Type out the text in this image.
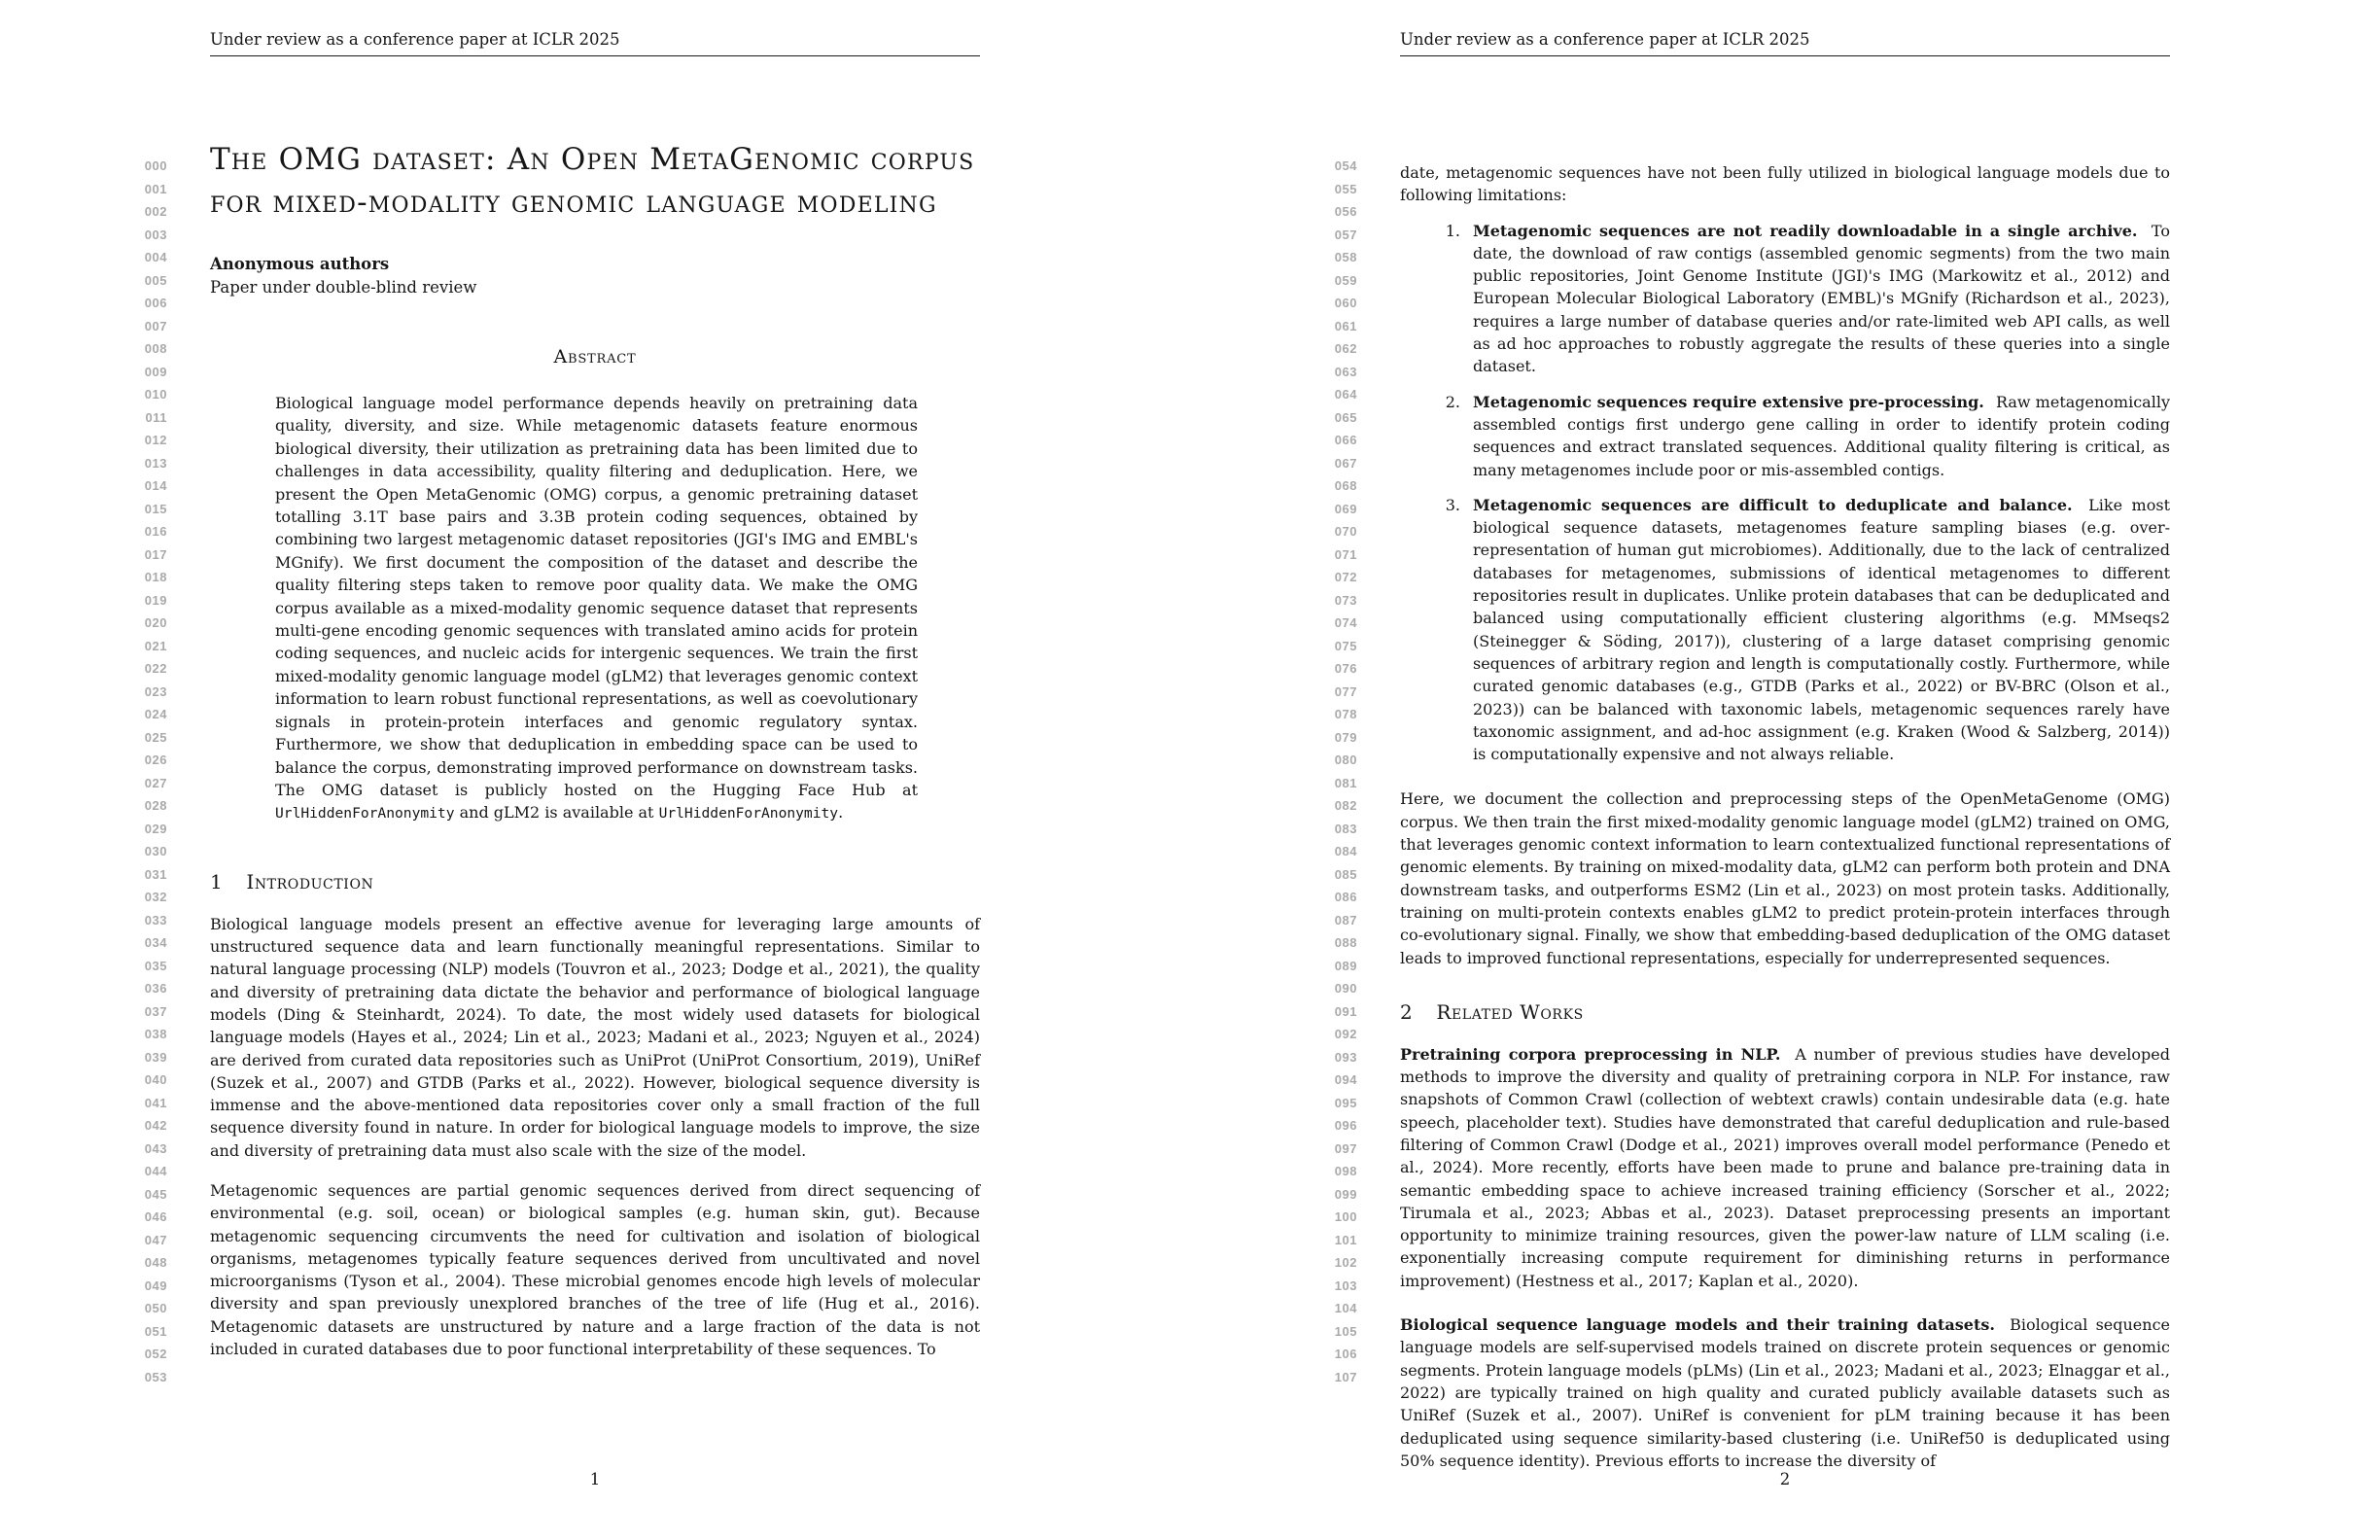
Under review as a conference paper at ICLR 2025
000
001
002
003
004
005
006
007
008
009
010
011
012
013
014
015
016
017
018
019
020
021
022
023
024
025
026
027
028
029
030
031
032
033
034
035
036
037
038
039
040
041
042
043
044
045
046
047
048
049
050
051
052
053
The OMG dataset: An Open MetaGenomic corpus for mixed-modality genomic language modeling
Anonymous authors
Paper under double-blind review
Abstract
Biological language model performance depends heavily on pretraining data quality, diversity, and size. While metagenomic datasets feature enormous biological diversity, their utilization as pretraining data has been limited due to challenges in data accessibility, quality filtering and deduplication. Here, we present the Open MetaGenomic (OMG) corpus, a genomic pretraining dataset totalling 3.1T base pairs and 3.3B protein coding sequences, obtained by combining two largest metagenomic dataset repositories (JGI's IMG and EMBL's MGnify). We first document the composition of the dataset and describe the quality filtering steps taken to remove poor quality data. We make the OMG corpus available as a mixed-modality genomic sequence dataset that represents multi-gene encoding genomic sequences with translated amino acids for protein coding sequences, and nucleic acids for intergenic sequences. We train the first mixed-modality genomic language model (gLM2) that leverages genomic context information to learn robust functional representations, as well as coevolutionary signals in protein-protein interfaces and genomic regulatory syntax. Furthermore, we show that deduplication in embedding space can be used to balance the corpus, demonstrating improved performance on downstream tasks. The OMG dataset is publicly hosted on the Hugging Face Hub at UrlHiddenForAnonymity and gLM2 is available at UrlHiddenForAnonymity.
1 Introduction

Biological language models present an effective avenue for leveraging large amounts of unstructured sequence data and learn functionally meaningful representations. Similar to natural language processing (NLP) models (Touvron et al., 2023; Dodge et al., 2021), the quality and diversity of pretraining data dictate the behavior and performance of biological language models (Ding & Steinhardt, 2024). To date, the most widely used datasets for biological language models (Hayes et al., 2024; Lin et al., 2023; Madani et al., 2023; Nguyen et al., 2024) are derived from curated data repositories such as UniProt (UniProt Consortium, 2019), UniRef (Suzek et al., 2007) and GTDB (Parks et al., 2022). However, biological sequence diversity is immense and the above-mentioned data repositories cover only a small fraction of the full sequence diversity found in nature. In order for biological language models to improve, the size and diversity of pretraining data must also scale with the size of the model.

Metagenomic sequences are partial genomic sequences derived from direct sequencing of environmental (e.g. soil, ocean) or biological samples (e.g. human skin, gut). Because metagenomic sequencing circumvents the need for cultivation and isolation of biological organisms, metagenomes typically feature sequences derived from uncultivated and novel microorganisms (Tyson et al., 2004). These microbial genomes encode high levels of molecular diversity and span previously unexplored branches of the tree of life (Hug et al., 2016). Metagenomic datasets are unstructured by nature and a large fraction of the data is not included in curated databases due to poor functional interpretability of these sequences. To

1
Under review as a conference paper at ICLR 2025
054
055
056
057
058
059
060
061
062
063
064
065
066
067
068
069
070
071
072
073
074
075
076
077
078
079
080
081
082
083
084
085
086
087
088
089
090
091
092
093
094
095
096
097
098
099
100
101
102
103
104
105
106
107

date, metagenomic sequences have not been fully utilized in biological language models due to following limitations:

1. Metagenomic sequences are not readily downloadable in a single archive. To date, the download of raw contigs (assembled genomic segments) from the two main public repositories, Joint Genome Institute (JGI)'s IMG (Markowitz et al., 2012) and European Molecular Biological Laboratory (EMBL)'s MGnify (Richardson et al., 2023), requires a large number of database queries and/or rate-limited web API calls, as well as ad hoc approaches to robustly aggregate the results of these queries into a single dataset.
2. Metagenomic sequences require extensive pre-processing. Raw metagenomically assembled contigs first undergo gene calling in order to identify protein coding sequences and extract translated sequences. Additional quality filtering is critical, as many metagenomes include poor or mis-assembled contigs.
3. Metagenomic sequences are difficult to deduplicate and balance. Like most biological sequence datasets, metagenomes feature sampling biases (e.g. over-representation of human gut microbiomes). Additionally, due to the lack of centralized databases for metagenomes, submissions of identical metagenomes to different repositories result in duplicates. Unlike protein databases that can be deduplicated and balanced using computationally efficient clustering algorithms (e.g. MMseqs2 (Steinegger & Söding, 2017)), clustering of a large dataset comprising genomic sequences of arbitrary region and length is computationally costly. Furthermore, while curated genomic databases (e.g., GTDB (Parks et al., 2022) or BV-BRC (Olson et al., 2023)) can be balanced with taxonomic labels, metagenomic sequences rarely have taxonomic assignment, and ad-hoc assignment (e.g. Kraken (Wood & Salzberg, 2014)) is computationally expensive and not always reliable.

Here, we document the collection and preprocessing steps of the OpenMetaGenome (OMG) corpus. We then train the first mixed-modality genomic language model (gLM2) trained on OMG, that leverages genomic context information to learn contextualized functional representations of genomic elements. By training on mixed-modality data, gLM2 can perform both protein and DNA downstream tasks, and outperforms ESM2 (Lin et al., 2023) on most protein tasks. Additionally, training on multi-protein contexts enables gLM2 to predict protein-protein interfaces through co-evolutionary signal. Finally, we show that embedding-based deduplication of the OMG dataset leads to improved functional representations, especially for underrepresented sequences.

2 Related Works

Pretraining corpora preprocessing in NLP. A number of previous studies have developed methods to improve the diversity and quality of pretraining corpora in NLP. For instance, raw snapshots of Common Crawl (collection of webtext crawls) contain undesirable data (e.g. hate speech, placeholder text). Studies have demonstrated that careful deduplication and rule-based filtering of Common Crawl (Dodge et al., 2021) improves overall model performance (Penedo et al., 2024). More recently, efforts have been made to prune and balance pre-training data in semantic embedding space to achieve increased training efficiency (Sorscher et al., 2022; Tirumala et al., 2023; Abbas et al., 2023). Dataset preprocessing presents an important opportunity to minimize training resources, given the power-law nature of LLM scaling (i.e. exponentially increasing compute requirement for diminishing returns in performance improvement) (Hestness et al., 2017; Kaplan et al., 2020).

Biological sequence language models and their training datasets. Biological sequence language models are self-supervised models trained on discrete protein sequences or genomic segments. Protein language models (pLMs) (Lin et al., 2023; Madani et al., 2023; Elnaggar et al., 2022) are typically trained on high quality and curated publicly available datasets such as UniRef (Suzek et al., 2007). UniRef is convenient for pLM training because it has been deduplicated using sequence similarity-based clustering (i.e. UniRef50 is deduplicated using 50% sequence identity). Previous efforts to increase the diversity of

2
